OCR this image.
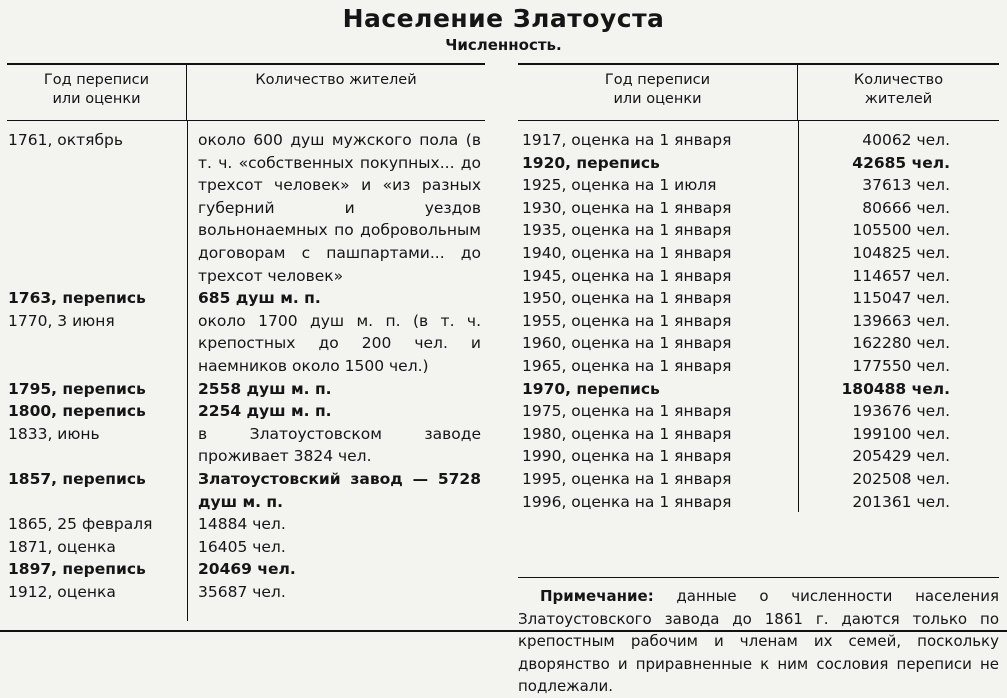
Население Златоуста
Численность.
Год переписи
или оценки
Количество жителей
1761, октябрь	около 600 душ мужского пола (в т. ч. «собственных покупных... до трехсот человек» и «из разных губерний и уездов вольнонаемных по добровольным договорам с пашпартами... до трехсот человек»
1763, перепись	685 душ м. п.
1770, 3 июня	около 1700 душ м. п. (в т. ч. крепостных до 200 чел. и наемников около 1500 чел.)
1795, перепись	2558 душ м. п.
1800, перепись	2254 душ м. п.
1833, июнь	в Златоустовском заводе проживает 3824 чел.
1857, перепись	Златоустовский завод — 5728 душ м. п.
1865, 25 февраля	14884 чел.
1871, оценка	16405 чел.
1897, перепись	20469 чел.
1912, оценка	35687 чел.
Год переписи
или оценки
Количество
жителей
1917, оценка на 1 января	40062 чел.
1920, перепись	42685 чел.
1925, оценка на 1 июля	37613 чел.
1930, оценка на 1 января	80666 чел.
1935, оценка на 1 января	105500 чел.
1940, оценка на 1 января	104825 чел.
1945, оценка на 1 января	114657 чел.
1950, оценка на 1 января	115047 чел.
1955, оценка на 1 января	139663 чел.
1960, оценка на 1 января	162280 чел.
1965, оценка на 1 января	177550 чел.
1970, перепись	180488 чел.
1975, оценка на 1 января	193676 чел.
1980, оценка на 1 января	199100 чел.
1990, оценка на 1 января	205429 чел.
1995, оценка на 1 января	202508 чел.
1996, оценка на 1 января	201361 чел.
Примечание: данные о численности населения Златоустовского завода до 1861 г. даются только по крепостным рабочим и членам их семей, поскольку дворянство и приравненные к ним сословия переписи не подлежали.
